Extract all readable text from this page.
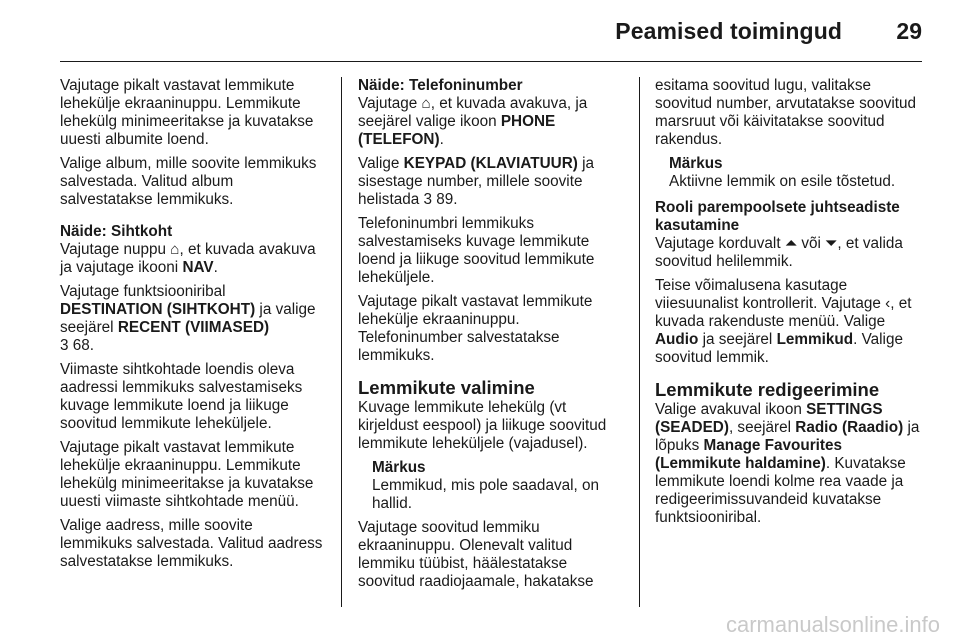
Peamised toimingud 29

Vajutage pikalt vastavat lemmikute lehekülje ekraaninuppu. Lemmikute lehekülg minimeeritakse ja kuvatakse uuesti albumite loend.

Valige album, mille soovite lemmikuks salvestada. Valitud album salvestatakse lemmikuks.

Näide: Sihtkoht

Vajutage nuppu ⌂, et kuvada avakuva ja vajutage ikooni NAV.

Vajutage funktsiooniribal DESTINATION (SIHTKOHT) ja valige seejärel RECENT (VIIMASED)
3 68.

Viimaste sihtkohtade loendis oleva aadressi lemmikuks salvestamiseks kuvage lemmikute loend ja liikuge soovitud lemmikute leheküljele.

Vajutage pikalt vastavat lemmikute lehekülje ekraaninuppu. Lemmikute lehekülg minimeeritakse ja kuvatakse uuesti viimaste sihtkohtade menüü.

Valige aadress, mille soovite lemmikuks salvestada. Valitud aadress salvestatakse lemmikuks.

Näide: Telefoninumber

Vajutage ⌂, et kuvada avakuva, ja seejärel valige ikoon PHONE (TELEFON).

Valige KEYPAD (KLAVIATUUR) ja sisestage number, millele soovite helistada 3 89.

Telefoninumbri lemmikuks salvestamiseks kuvage lemmikute loend ja liikuge soovitud lemmikute leheküljele.

Vajutage pikalt vastavat lemmikute lehekülje ekraaninuppu. Telefoninumber salvestatakse lemmikuks.

Lemmikute valimine

Kuvage lemmikute lehekülg (vt kirjeldust eespool) ja liikuge soovitud lemmikute leheküljele (vajadusel).

Märkus
Lemmikud, mis pole saadaval, on hallid.

Vajutage soovitud lemmiku ekraaninuppu. Olenevalt valitud lemmiku tüübist, häälestatakse soovitud raadiojaamale, hakatakse

esitama soovitud lugu, valitakse soovitud number, arvutatakse soovitud marsruut või käivitatakse soovitud rakendus.

Märkus
Aktiivne lemmik on esile tõstetud.
Rooli parempoolsete juhtseadiste kasutamine

Vajutage korduvalt ⏶ või ⏷, et valida soovitud helilemmik.

Teise võimalusena kasutage viiesuunalist kontrollerit. Vajutage ‹, et kuvada rakenduste menüü. Valige Audio ja seejärel Lemmikud. Valige soovitud lemmik.

Lemmikute redigeerimine

Valige avakuval ikoon SETTINGS (SEADED), seejärel Radio (Raadio) ja lõpuks Manage Favourites (Lemmikute haldamine). Kuvatakse lemmikute loendi kolme rea vaade ja redigeerimissuvandeid kuvatakse funktsiooniribal.

carmanualsonline.info
